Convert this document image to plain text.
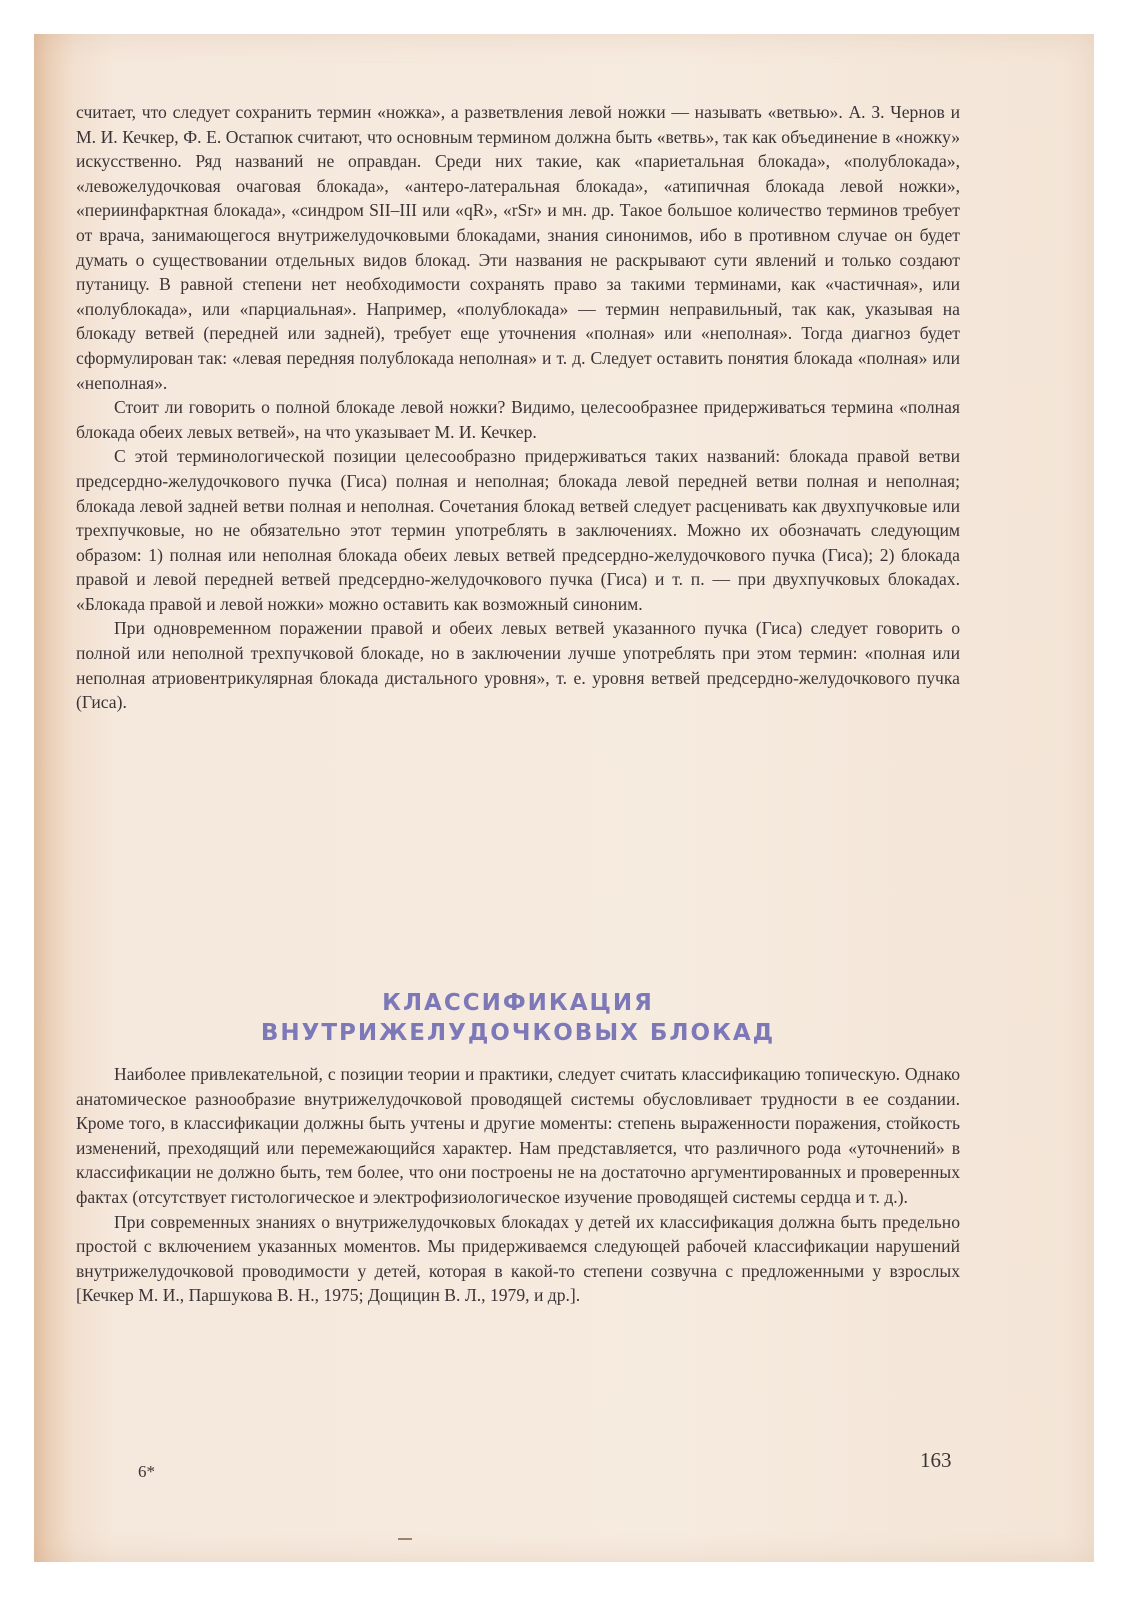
считает, что следует сохранить термин «ножка», а разветвления левой ножки — называть «ветвью». А. З. Чернов и М. И. Кечкер, Ф. Е. Остапюк считают, что основным термином должна быть «ветвь», так как объединение в «ножку» искусственно. Ряд названий не оправдан. Среди них такие, как «париетальная блокада», «полублокада», «левожелудочковая очаговая блокада», «антеро-латеральная блокада», «атипичная блокада левой ножки», «периинфарктная блокада», «синдром SII–III или «qR», «rSr» и мн. др. Такое большое количество терминов требует от врача, занимающегося внутрижелудочковыми блокадами, знания синонимов, ибо в противном случае он будет думать о существовании отдельных видов блокад. Эти названия не раскрывают сути явлений и только создают путаницу. В равной степени нет необходимости сохранять право за такими терминами, как «частичная», или «полублокада», или «парциальная». Например, «полублокада» — термин неправильный, так как, указывая на блокаду ветвей (передней или задней), требует еще уточнения «полная» или «неполная». Тогда диагноз будет сформулирован так: «левая передняя полублокада неполная» и т. д. Следует оставить понятия блокада «полная» или «неполная».

Стоит ли говорить о полной блокаде левой ножки? Видимо, целесообразнее придерживаться термина «полная блокада обеих левых ветвей», на что указывает М. И. Кечкер.

С этой терминологической позиции целесообразно придерживаться таких названий: блокада правой ветви предсердно-желудочкового пучка (Гиса) полная и неполная; блокада левой передней ветви полная и неполная; блокада левой задней ветви полная и неполная. Сочетания блокад ветвей следует расценивать как двухпучковые или трехпучковые, но не обязательно этот термин употреблять в заключениях. Можно их обозначать следующим образом: 1) полная или неполная блокада обеих левых ветвей предсердно-желудочкового пучка (Гиса); 2) блокада правой и левой передней ветвей предсердно-желудочкового пучка (Гиса) и т. п. — при двухпучковых блокадах. «Блокада правой и левой ножки» можно оставить как возможный синоним.

При одновременном поражении правой и обеих левых ветвей указанного пучка (Гиса) следует говорить о полной или неполной трехпучковой блокаде, но в заключении лучше употреблять при этом термин: «полная или неполная атриовентрикулярная блокада дистального уровня», т. е. уровня ветвей предсердно-желудочкового пучка (Гиса).

КЛАССИФИКАЦИЯ
ВНУТРИЖЕЛУДОЧКОВЫХ БЛОКАД

Наиболее привлекательной, с позиции теории и практики, следует считать классификацию топическую. Однако анатомическое разнообразие внутрижелудочковой проводящей системы обусловливает трудности в ее создании. Кроме того, в классификации должны быть учтены и другие моменты: степень выраженности поражения, стойкость изменений, преходящий или перемежающийся характер. Нам представляется, что различного рода «уточнений» в классификации не должно быть, тем более, что они построены не на достаточно аргументированных и проверенных фактах (отсутствует гистологическое и электрофизиологическое изучение проводящей системы сердца и т. д.).

При современных знаниях о внутрижелудочковых блокадах у детей их классификация должна быть предельно простой с включением указанных моментов. Мы придерживаемся следующей рабочей классификации нарушений внутрижелудочковой проводимости у детей, которая в какой-то степени созвучна с предложенными у взрослых [Кечкер М. И., Паршукова В. Н., 1975; Дощицин В. Л., 1979, и др.].

6*	163
